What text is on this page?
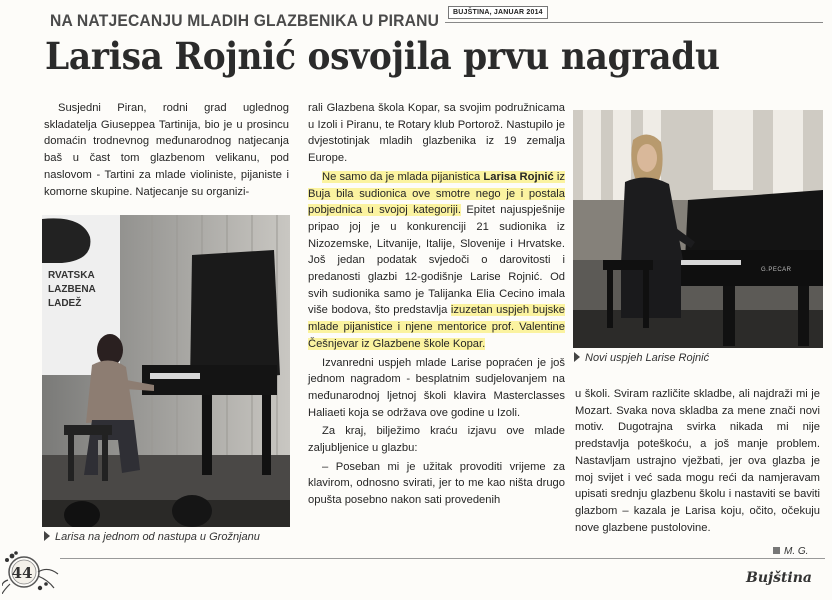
NA NATJECANJU MLADIH GLAZBENIKA U PIRANU	BUJŠTINA, JANUAR 2014
Larisa Rojnić osvojila prvu nagradu

Susjedni Piran, rodni grad uglednog skladatelja Giuseppea Tartinija, bio je u prosincu domaćin trodnevnog međunarodnog natjecanja baš u čast tom glazbenom velikanu, pod naslovom - Tartini za mlade violiniste, pijaniste i komorne skupine. Natjecanje su organizi-

RVATSKA
LAZBENA
LADEŽ
Larisa na jednom od nastupa u Grožnjanu

rali Glazbena škola Kopar, sa svojim podružnicama u Izoli i Piranu, te Rotary klub Portorož. Nastupilo je dvjestotinjak mladih glazbenika iz 19 zemalja Europe.

Ne samo da je mlada pijanistica Larisa Rojnić iz Buja bila sudionica ove smotre nego je i postala pobjednica u svojoj kategoriji. Epitet najuspješnije pripao joj je u konkurenciji 21 sudionika iz Nizozemske, Litvanije, Italije, Slovenije i Hrvatske. Još jedan podatak svjedoči o darovitosti i predanosti glazbi 12-godišnje Larise Rojnić. Od svih sudionika samo je Talijanka Elia Cecino imala više bodova, što predstavlja izuzetan uspjeh bujske mlade pijanistice i njene mentorice prof. Valentine Češnjevar iz Glazbene škole Kopar.

Izvanredni uspjeh mlade Larise popraćen je još jednom nagradom - besplatnim sudjelovanjem na međunarodnoj ljetnoj školi klavira Masterclasses Haliaeti koja se održava ove godine u Izoli.

Za kraj, bilježimo kraću izjavu ove mlade zaljubljenice u glazbu:

– Poseban mi je užitak provoditi vrijeme za klavirom, odnosno svirati, jer to me kao ništa drugo opušta posebno nakon sati provedenih

G.PECAR
Novi uspjeh Larise Rojnić

u školi. Sviram različite skladbe, ali najdraži mi je Mozart. Svaka nova skladba za mene znači novi motiv. Dugotrajna svirka nikada mi nije predstavlja poteškoću, a još manje problem. Nastavljam ustrajno vježbati, jer ova glazba je moj svijet i već sada mogu reći da namjeravam upisati srednju glazbenu školu i nastaviti se baviti glazbom – kazala je Larisa koju, očito, očekuju nove glazbene pustolovine.

M. G.
44	Bujština
